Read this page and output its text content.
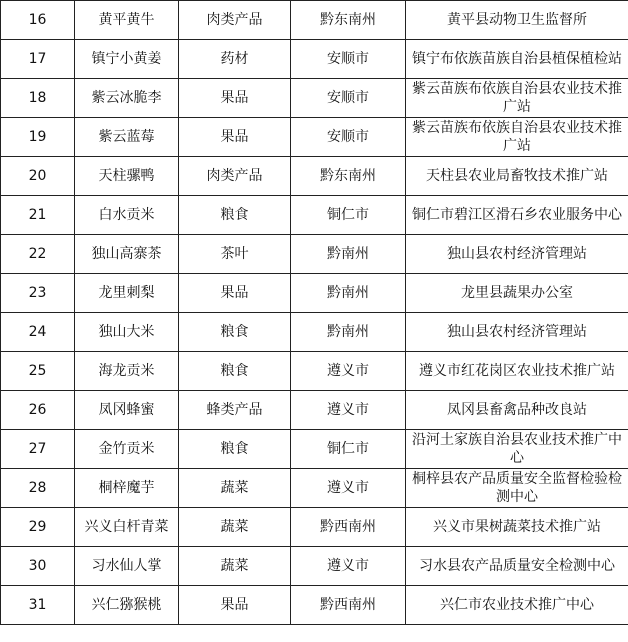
16	黄平黄牛	肉类产品	黔东南州	黄平县动物卫生监督所
17	镇宁小黄姜	药材	安顺市	镇宁布依族苗族自治县植保植检站
18	紫云冰脆李	果品	安顺市	紫云苗族布依族自治县农业技术推广站
19	紫云蓝莓	果品	安顺市	紫云苗族布依族自治县农业技术推广站
20	天柱骡鸭	肉类产品	黔东南州	天柱县农业局畜牧技术推广站
21	白水贡米	粮食	铜仁市	铜仁市碧江区滑石乡农业服务中心
22	独山高寨茶	茶叶	黔南州	独山县农村经济管理站
23	龙里刺梨	果品	黔南州	龙里县蔬果办公室
24	独山大米	粮食	黔南州	独山县农村经济管理站
25	海龙贡米	粮食	遵义市	遵义市红花岗区农业技术推广站
26	凤冈蜂蜜	蜂类产品	遵义市	凤冈县畜禽品种改良站
27	金竹贡米	粮食	铜仁市	沿河土家族自治县农业技术推广中心
28	桐梓魔芋	蔬菜	遵义市	桐梓县农产品质量安全监督检验检测中心
29	兴义白杆青菜	蔬菜	黔西南州	兴义市果树蔬菜技术推广站
30	习水仙人掌	蔬菜	遵义市	习水县农产品质量安全检测中心
31	兴仁猕猴桃	果品	黔西南州	兴仁市农业技术推广中心
